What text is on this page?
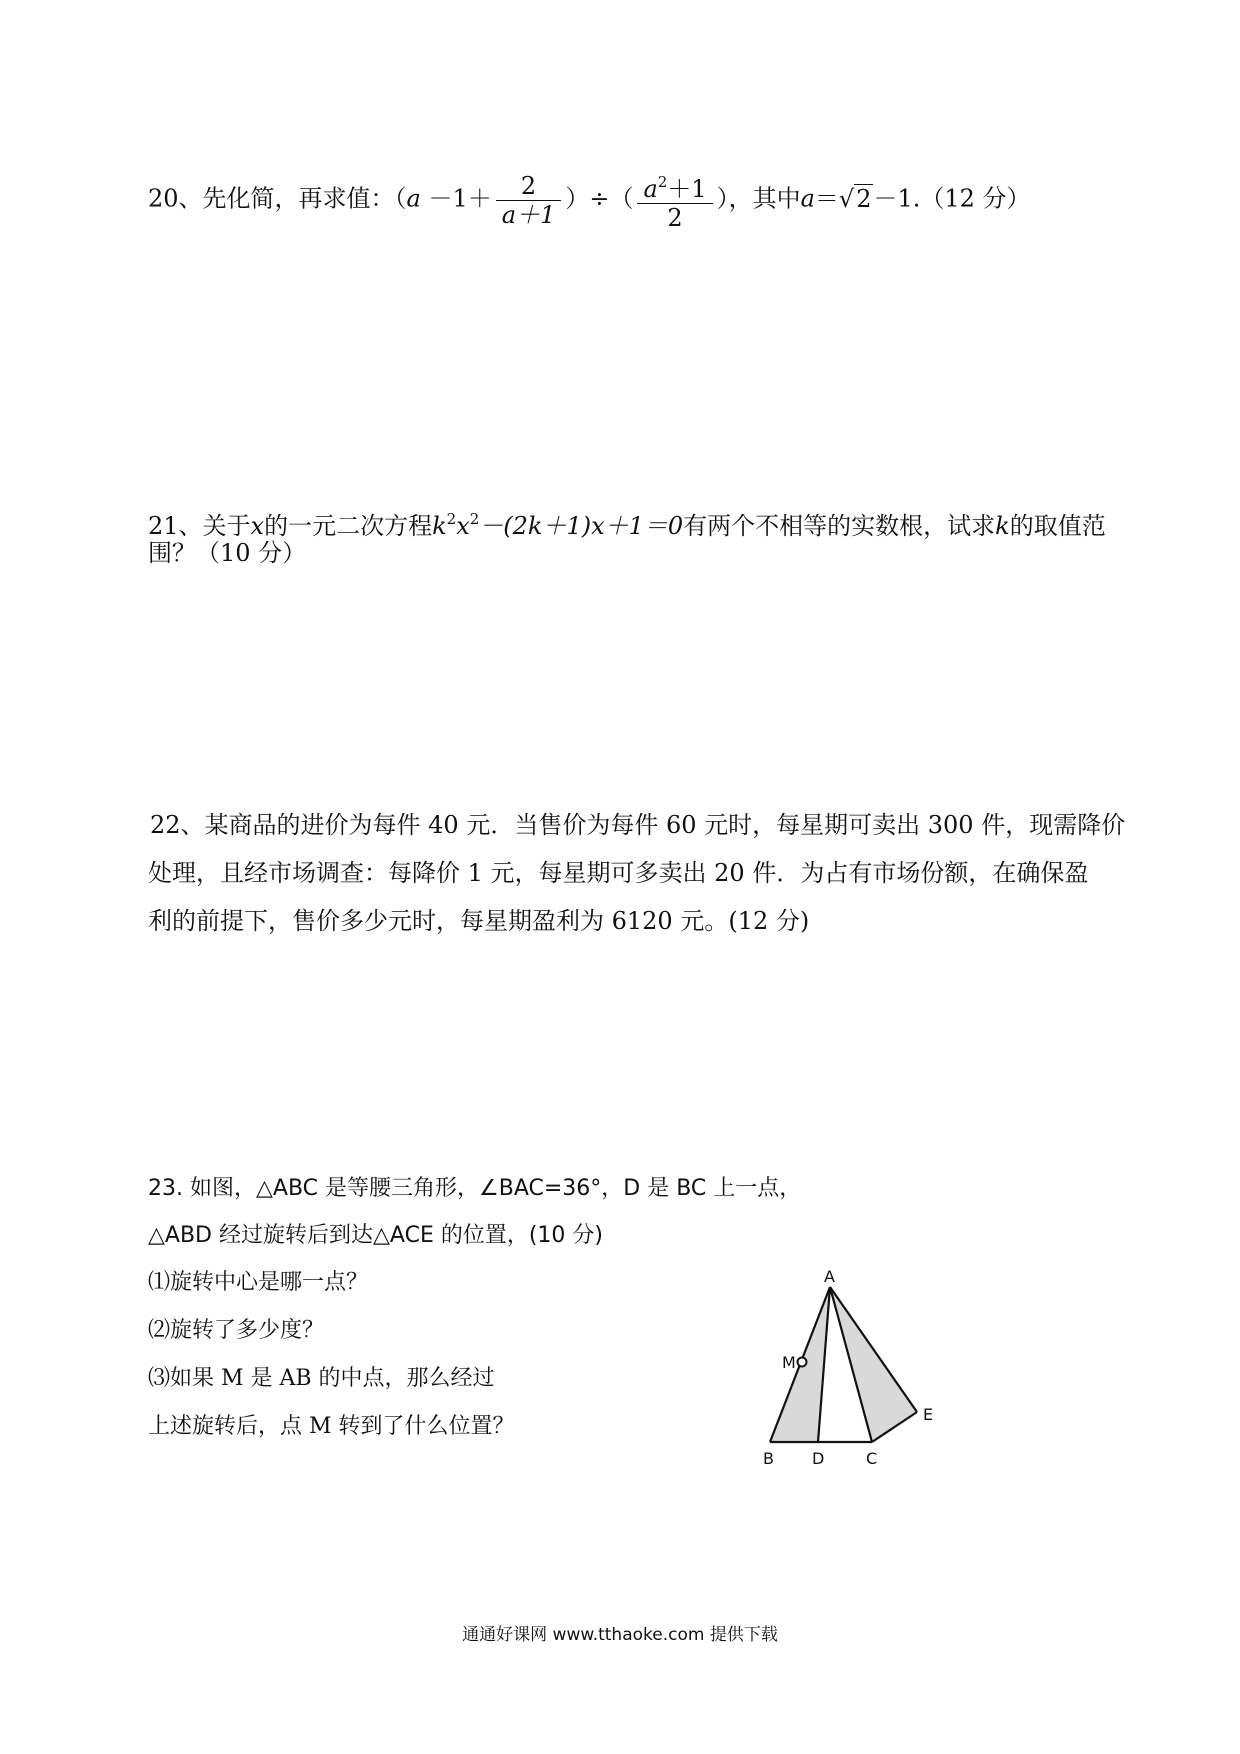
20、先化简，再求值：（$a -1+ \frac{2}{a+1}$ ）÷（ $\frac{a^2+1}{2}$ ），其中a＝√2－1.（12 分）
21、关于x的一元二次方程$k^2x^2-(2k+1)x+1=0$有两个不相等的实数根，试求k的取值范
围？（10 分）
22、某商品的进价为每件 40 元．当售价为每件 60 元时，每星期可卖出 300 件，现需降价
处理，且经市场调查：每降价 1 元，每星期可多卖出 20 件．为占有市场份额，在确保盈
利的前提下，售价多少元时，每星期盈利为 6120 元。(12 分)
23. 如图，△ABC 是等腰三角形，∠BAC=36°，D 是 BC 上一点，
△ABD 经过旋转后到达△ACE 的位置，(10 分)
⑴旋转中心是哪一点？
⑵旋转了多少度？
⑶如果 M 是 AB 的中点，那么经过
上述旋转后，点 M 转到了什么位置？
A
B D	C
E
M
通通好课网 www.tthaoke.com 提供下载
